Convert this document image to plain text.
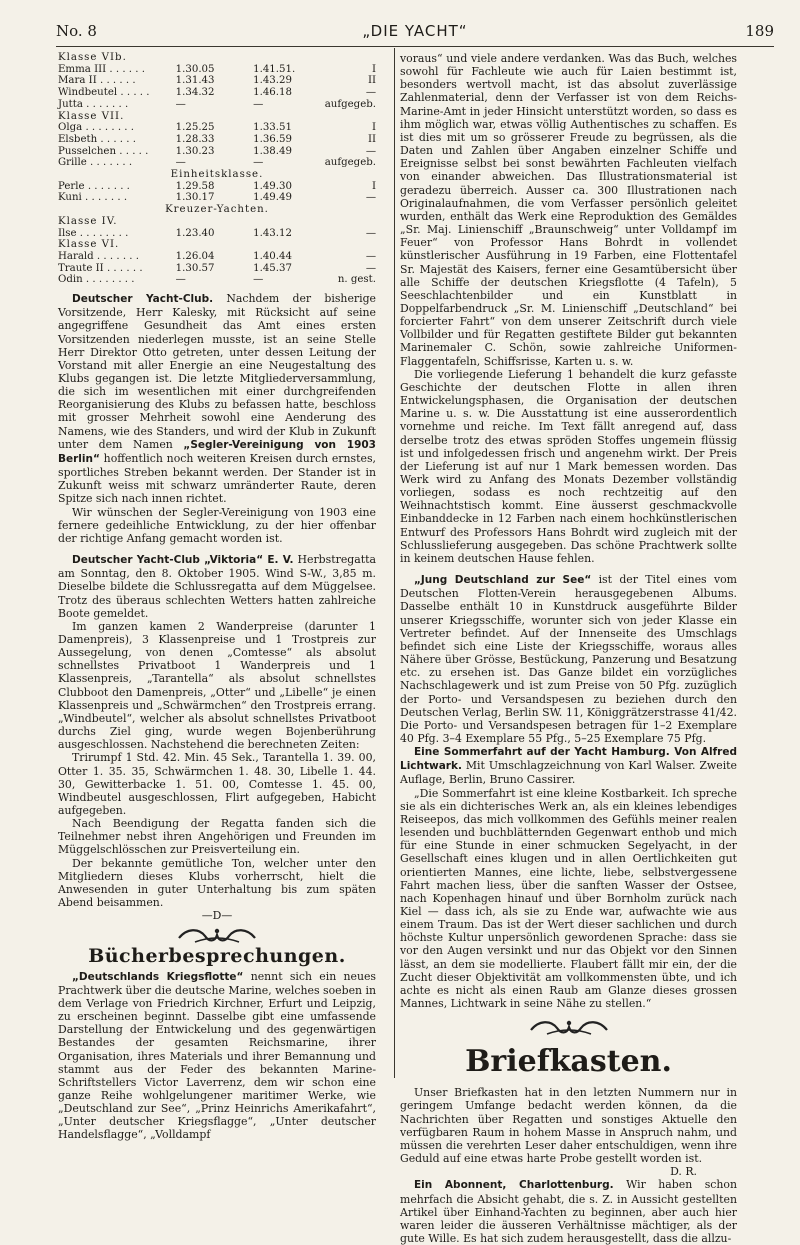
No. 8	„DIE YACHT“	189
Klasse VIb.			
Emma III . . . . . .	1.30.05	1.41.51.	I
Mara II . . . . . .	1.31.43	1.43.29	II
Windbeutel . . . . .	1.34.32	1.46.18	—
Jutta . . . . . . .	—	—	aufgegeb.
Klasse VII.			
Olga . . . . . . . .	1.25.25	1.33.51	I
Elsbeth . . . . . .	1.28.33	1.36.59	II
Pusselchen . . . . .	1.30.23	1.38.49	—
Grille . . . . . . .	—	—	aufgegeb.
Einheitsklasse.			
Perle . . . . . . .	1.29.58	1.49.30	I
Kuni . . . . . . .	1.30.17	1.49.49	—
Kreuzer-Yachten.			
Klasse IV.			
Ilse . . . . . . . .	1.23.40	1.43.12	—
Klasse VI.			
Harald . . . . . . .	1.26.04	1.40.44	—
Traute II . . . . . .	1.30.57	1.45.37	—
Odin . . . . . . . .	—	—	n. gest.

Deutscher Yacht-Club. Nachdem der bisherige Vorsitzende, Herr Kalesky, mit Rücksicht auf seine angegriffene Gesundheit das Amt eines ersten Vorsitzenden niederlegen musste, ist an seine Stelle Herr Direktor Otto getreten, unter dessen Leitung der Vorstand mit aller Energie an eine Neugestaltung des Klubs gegangen ist. Die letzte Mitgliederversammlung, die sich im wesentlichen mit einer durchgreifenden Reorganisierung des Klubs zu befassen hatte, beschloss mit grosser Mehrheit sowohl eine Aenderung des Namens, wie des Standers, und wird der Klub in Zukunft unter dem Namen „Segler-Vereinigung von 1903 Berlin“ hoffentlich noch weiteren Kreisen durch ernstes, sportliches Streben bekannt werden. Der Stander ist in Zukunft weiss mit schwarz umränderter Raute, deren Spitze sich nach innen richtet.

Wir wünschen der Segler-Vereinigung von 1903 eine fernere gedeihliche Entwicklung, zu der hier offenbar der richtige Anfang gemacht worden ist.

Deutscher Yacht-Club „Viktoria“ E. V. Herbstregatta am Sonntag, den 8. Oktober 1905. Wind S-W., 3,85 m. Dieselbe bildete die Schlussregatta auf dem Müggelsee. Trotz des überaus schlechten Wetters hatten zahlreiche Boote gemeldet.

Im ganzen kamen 2 Wanderpreise (darunter 1 Damenpreis), 3 Klassenpreise und 1 Trostpreis zur Aussegelung, von denen „Comtesse“ als absolut schnellstes Privatboot 1 Wanderpreis und 1 Klassenpreis, „Tarantella“ als absolut schnellstes Clubboot den Damenpreis, „Otter“ und „Libelle“ je einen Klassenpreis und „Schwärmchen“ den Trostpreis errang. „Windbeutel“, welcher als absolut schnellstes Privatboot durchs Ziel ging, wurde wegen Bojenberührung ausgeschlossen. Nachstehend die berechneten Zeiten:

Trirumpf 1 Std. 42. Min. 45 Sek., Tarantella 1. 39. 00, Otter 1. 35. 35, Schwärmchen 1. 48. 30, Libelle 1. 44. 30, Gewitterbacke 1. 51. 00, Comtesse 1. 45. 00, Windbeutel ausgeschlossen, Flirt aufgegeben, Habicht aufgegeben.

Nach Beendigung der Regatta fanden sich die Teilnehmer nebst ihren Angehörigen und Freunden im Müggelschlösschen zur Preisverteilung ein.

Der bekannte gemütliche Ton, welcher unter den Mitgliedern dieses Klubs vorherrscht, hielt die Anwesenden in guter Unterhaltung bis zum späten Abend beisammen.

—D—
Bücherbesprechungen.

„Deutschlands Kriegsflotte“ nennt sich ein neues Prachtwerk über die deutsche Marine, welches soeben in dem Verlage von Friedrich Kirchner, Erfurt und Leipzig, zu erscheinen beginnt. Dasselbe gibt eine umfassende Darstellung der Entwickelung und des gegenwärtigen Bestandes der gesamten Reichsmarine, ihrer Organisation, ihres Materials und ihrer Bemannung und stammt aus der Feder des bekannten Marine-Schriftstellers Victor Laverrenz, dem wir schon eine ganze Reihe wohlgelungener maritimer Werke, wie „Deutschland zur See“, „Prinz Heinrichs Amerikafahrt“, „Unter deutscher Kriegsflagge“, „Unter deutscher Handelsflagge“, „Volldampf

voraus“ und viele andere verdanken. Was das Buch, welches sowohl für Fachleute wie auch für Laien bestimmt ist, besonders wertvoll macht, ist das absolut zuverlässige Zahlenmaterial, denn der Verfasser ist von dem Reichs-Marine-Amt in jeder Hinsicht unterstützt worden, so dass es ihm möglich war, etwas völlig Authentisches zu schaffen. Es ist dies mit um so grösserer Freude zu begrüssen, als die Daten und Zahlen über Angaben einzelner Schiffe und Ereignisse selbst bei sonst bewährten Fachleuten vielfach von einander abweichen. Das Illustrationsmaterial ist geradezu überreich. Ausser ca. 300 Illustrationen nach Originalaufnahmen, die vom Verfasser persönlich geleitet wurden, enthält das Werk eine Reproduktion des Gemäldes „Sr. Maj. Linienschiff „Braunschweig“ unter Volldampf im Feuer“ von Professor Hans Bohrdt in vollendet künstlerischer Ausführung in 19 Farben, eine Flottentafel Sr. Majestät des Kaisers, ferner eine Gesamtübersicht über alle Schiffe der deutschen Kriegsflotte (4 Tafeln), 5 Seeschlachtenbilder und ein Kunstblatt in Doppelfarbendruck „Sr. M. Linienschiff „Deutschland“ bei forcierter Fahrt“ von dem unserer Zeitschrift durch viele Vollbilder und für Regatten gestiftete Bilder gut bekannten Marinemaler C. Schön, sowie zahlreiche Uniformen-Flaggentafeln, Schiffsrisse, Karten u. s. w.

Die vorliegende Lieferung 1 behandelt die kurz gefasste Geschichte der deutschen Flotte in allen ihren Entwickelungsphasen, die Organisation der deutschen Marine u. s. w. Die Ausstattung ist eine ausserordentlich vornehme und reiche. Im Text fällt anregend auf, dass derselbe trotz des etwas spröden Stoffes ungemein flüssig ist und infolgedessen frisch und angenehm wirkt. Der Preis der Lieferung ist auf nur 1 Mark bemessen worden. Das Werk wird zu Anfang des Monats Dezember vollständig vorliegen, sodass es noch rechtzeitig auf den Weihnachtstisch kommt. Eine äusserst geschmackvolle Einbanddecke in 12 Farben nach einem hochkünstlerischen Entwurf des Professors Hans Bohrdt wird zugleich mit der Schlusslieferung ausgegeben. Das schöne Prachtwerk sollte in keinem deutschen Hause fehlen.

„Jung Deutschland zur See“ ist der Titel eines vom Deutschen Flotten-Verein herausgegebenen Albums. Dasselbe enthält 10 in Kunstdruck ausgeführte Bilder unserer Kriegsschiffe, worunter sich von jeder Klasse ein Vertreter befindet. Auf der Innenseite des Umschlags befindet sich eine Liste der Kriegsschiffe, woraus alles Nähere über Grösse, Bestückung, Panzerung und Besatzung etc. zu ersehen ist. Das Ganze bildet ein vorzügliches Nachschlagewerk und ist zum Preise von 50 Pfg. zuzüglich der Porto- und Versandspesen zu beziehen durch den Deutschen Verlag, Berlin SW. 11, Königgrätzerstrasse 41/42. Die Porto- und Versandspesen betragen für 1–2 Exemplare 40 Pfg. 3–4 Exemplare 55 Pfg., 5–25 Exemplare 75 Pfg.

Eine Sommerfahrt auf der Yacht Hamburg. Von Alfred Lichtwark. Mit Umschlagzeichnung von Karl Walser. Zweite Auflage, Berlin, Bruno Cassirer.

„Die Sommerfahrt ist eine kleine Kostbarkeit. Ich spreche sie als ein dichterisches Werk an, als ein kleines lebendiges Reiseepos, das mich vollkommen des Gefühls meiner realen lesenden und buchblätternden Gegenwart enthob und mich für eine Stunde in einer schmucken Segelyacht, in der Gesellschaft eines klugen und in allen Oertlichkeiten gut orientierten Mannes, eine lichte, liebe, selbstvergessene Fahrt machen liess, über die sanften Wasser der Ostsee, nach Kopenhagen hinauf und über Bornholm zurück nach Kiel — dass ich, als sie zu Ende war, aufwachte wie aus einem Traum. Das ist der Wert dieser sachlichen und durch höchste Kultur unpersönlich gewordenen Sprache: dass sie vor den Augen versinkt und nur das Objekt vor den Sinnen lässt, an dem sie modellierte. Flaubert fällt mir ein, der die Zucht dieser Objektivität am vollkommensten übte, und ich achte es nicht als einen Raub am Glanze dieses grossen Mannes, Lichtwark in seine Nähe zu stellen.“

Briefkasten.

Unser Briefkasten hat in den letzten Nummern nur in geringem Umfange bedacht werden können, da die Nachrichten über Regatten und sonstiges Aktuelle den verfügbaren Raum in hohem Masse in Anspruch nahm, und müssen die verehrten Leser daher entschuldigen, wenn ihre Geduld auf eine etwas harte Probe gestellt worden ist.

D. R.

Ein Abonnent, Charlottenburg. Wir haben schon mehrfach die Absicht gehabt, die s. Z. in Aussicht gestellten Artikel über Einhand-Yachten zu beginnen, aber auch hier waren leider die äusseren Verhältnisse mächtiger, als der gute Wille. Es hat sich zudem herausgestellt, dass die allzu-
